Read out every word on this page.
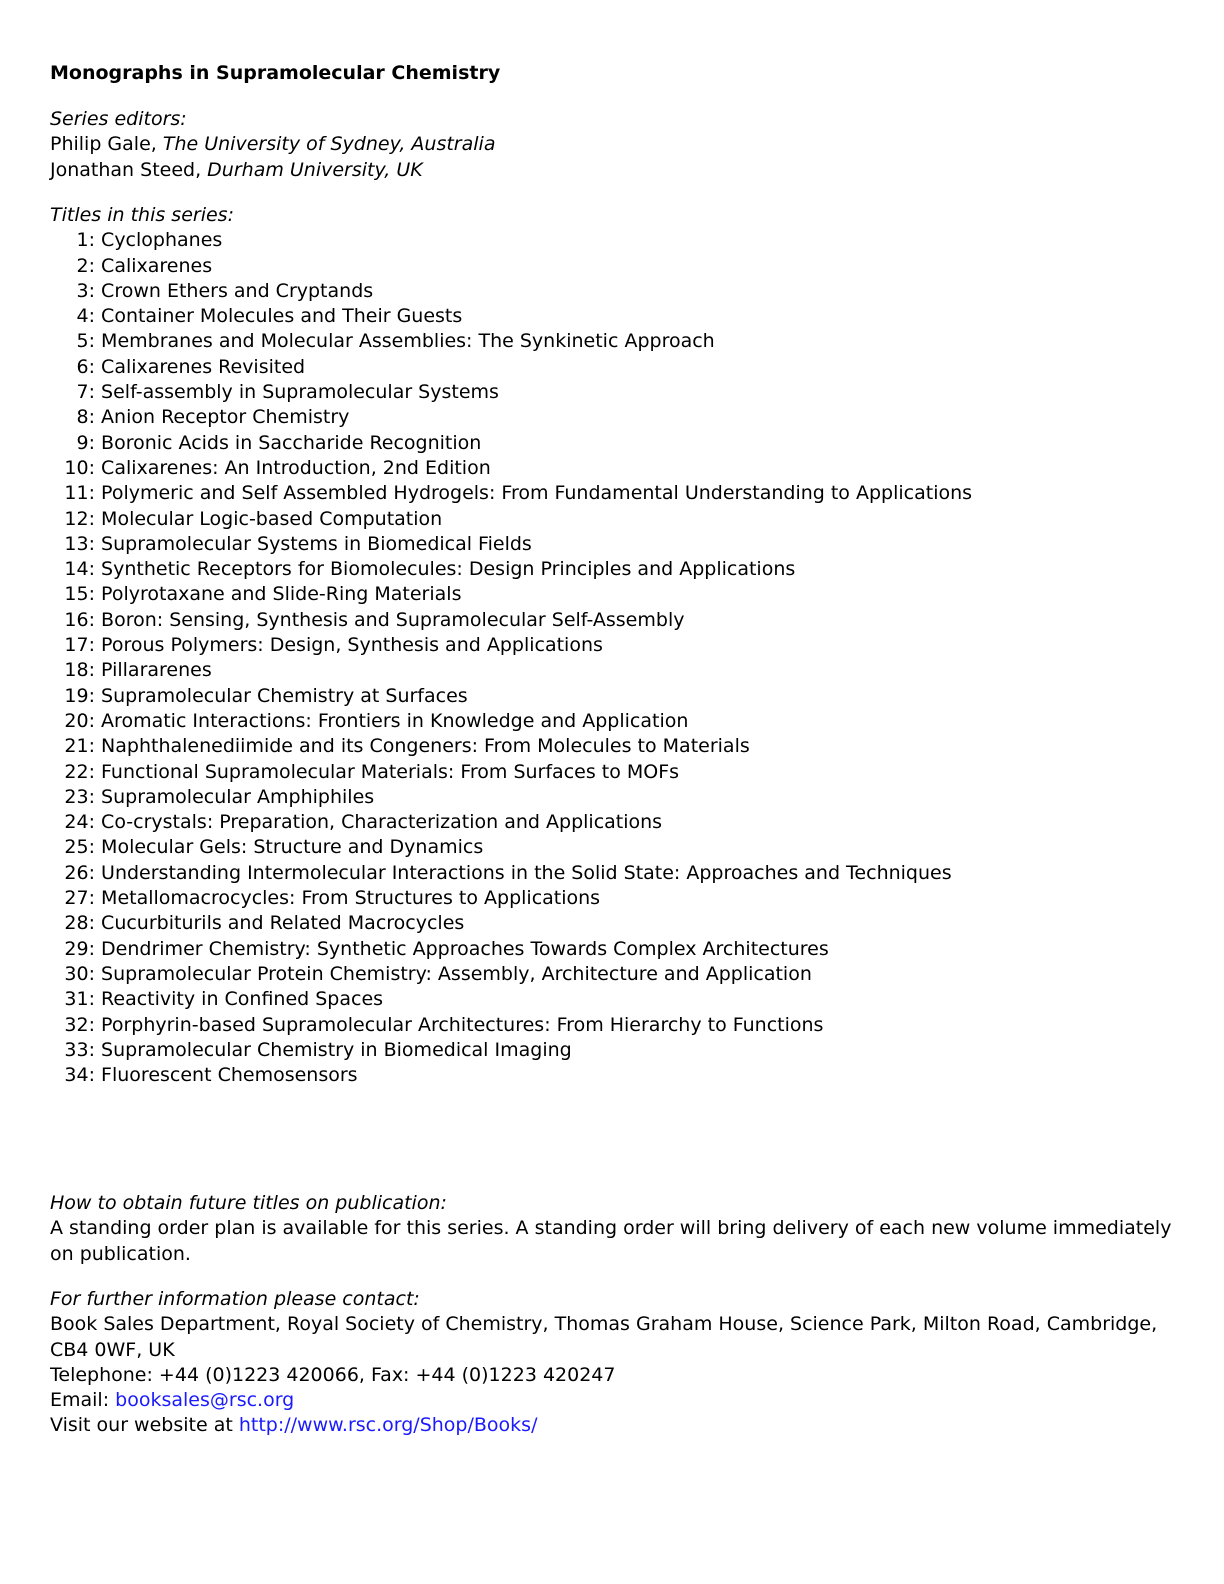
Monographs in Supramolecular Chemistry
Series editors:
Philip Gale, The University of Sydney, Australia
Jonathan Steed, Durham University, UK
Titles in this series:
1: Cyclophanes
2: Calixarenes
3: Crown Ethers and Cryptands
4: Container Molecules and Their Guests
5: Membranes and Molecular Assemblies: The Synkinetic Approach
6: Calixarenes Revisited
7: Self-assembly in Supramolecular Systems
8: Anion Receptor Chemistry
9: Boronic Acids in Saccharide Recognition
10: Calixarenes: An Introduction, 2nd Edition
11: Polymeric and Self Assembled Hydrogels: From Fundamental Understanding to Applications
12: Molecular Logic-based Computation
13: Supramolecular Systems in Biomedical Fields
14: Synthetic Receptors for Biomolecules: Design Principles and Applications
15: Polyrotaxane and Slide-Ring Materials
16: Boron: Sensing, Synthesis and Supramolecular Self-Assembly
17: Porous Polymers: Design, Synthesis and Applications
18: Pillararenes
19: Supramolecular Chemistry at Surfaces
20: Aromatic Interactions: Frontiers in Knowledge and Application
21: Naphthalenediimide and its Congeners: From Molecules to Materials
22: Functional Supramolecular Materials: From Surfaces to MOFs
23: Supramolecular Amphiphiles
24: Co-crystals: Preparation, Characterization and Applications
25: Molecular Gels: Structure and Dynamics
26: Understanding Intermolecular Interactions in the Solid State: Approaches and Techniques
27: Metallomacrocycles: From Structures to Applications
28: Cucurbiturils and Related Macrocycles
29: Dendrimer Chemistry: Synthetic Approaches Towards Complex Architectures
30: Supramolecular Protein Chemistry: Assembly, Architecture and Application
31: Reactivity in Confined Spaces
32: Porphyrin-based Supramolecular Architectures: From Hierarchy to Functions
33: Supramolecular Chemistry in Biomedical Imaging
34: Fluorescent Chemosensors
How to obtain future titles on publication:
A standing order plan is available for this series. A standing order will bring delivery of each new volume immediately on publication.
For further information please contact:
Book Sales Department, Royal Society of Chemistry, Thomas Graham House, Science Park, Milton Road, Cambridge, CB4 0WF, UK
Telephone: +44 (0)1223 420066, Fax: +44 (0)1223 420247
Email: booksales@rsc.org
Visit our website at http://www.rsc.org/Shop/Books/
